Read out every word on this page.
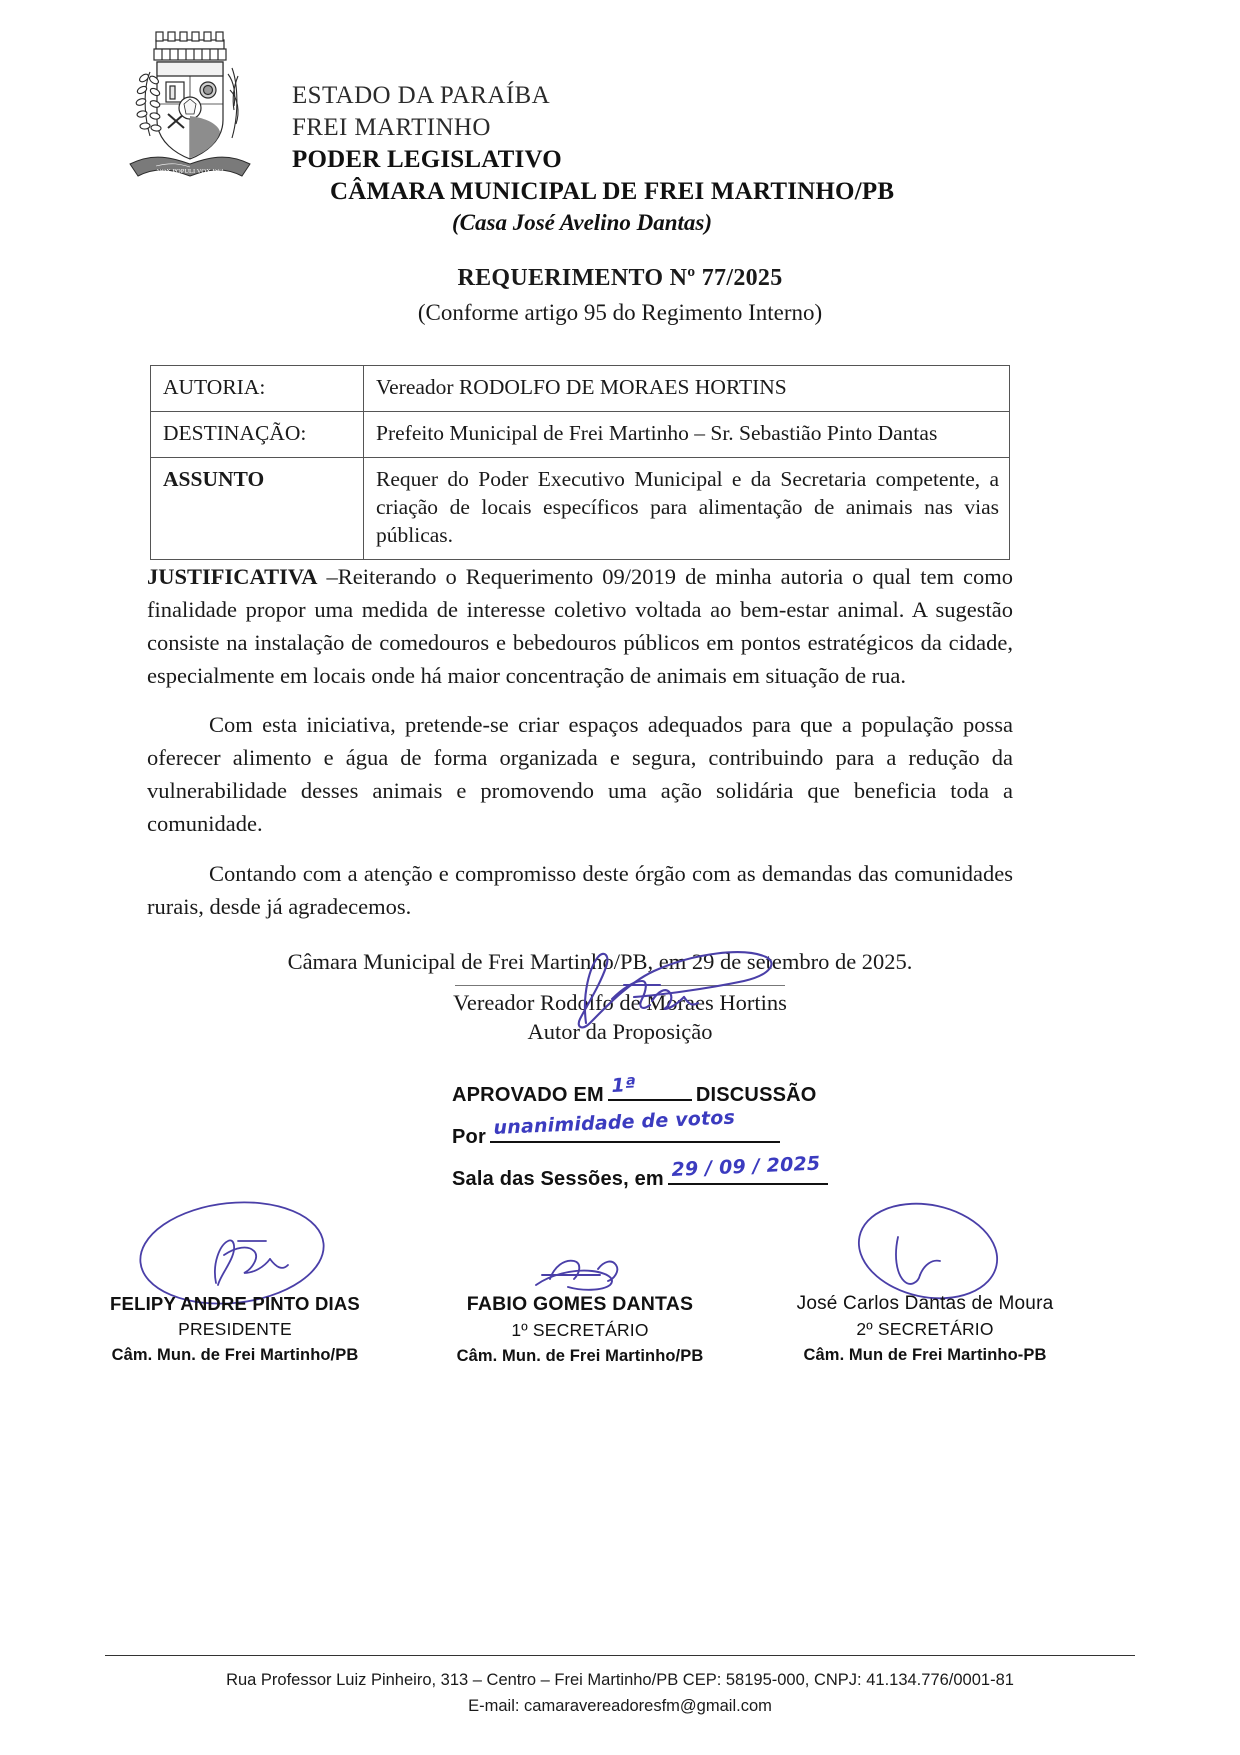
VOX POPULI VOX DEI
ESTADO DA PARAÍBA
FREI MARTINHO
PODER LEGISLATIVO
CÂMARA MUNICIPAL DE FREI MARTINHO/PB
(Casa José Avelino Dantas)
REQUERIMENTO Nº 77/2025
(Conforme artigo 95 do Regimento Interno)
AUTORIA:	Vereador RODOLFO DE MORAES HORTINS
DESTINAÇÃO:	Prefeito Municipal de Frei Martinho – Sr. Sebastião Pinto Dantas
ASSUNTO	Requer do Poder Executivo Municipal e da Secretaria competente, a criação de locais específicos para alimentação de animais nas vias públicas.

JUSTIFICATIVA –Reiterando o Requerimento 09/2019 de minha autoria o qual tem como finalidade propor uma medida de interesse coletivo voltada ao bem-estar animal. A sugestão consiste na instalação de comedouros e bebedouros públicos em pontos estratégicos da cidade, especialmente em locais onde há maior concentração de animais em situação de rua.

Com esta iniciativa, pretende-se criar espaços adequados para que a população possa oferecer alimento e água de forma organizada e segura, contribuindo para a redução da vulnerabilidade desses animais e promovendo uma ação solidária que beneficia toda a comunidade.

Contando com a atenção e compromisso deste órgão com as demandas das comunidades rurais, desde já agradecemos.

Câmara Municipal de Frei Martinho/PB, em 29 de setembro de 2025.
Vereador Rodolfo de Moraes Hortins
Autor da Proposição
APROVADO EM 1ª	DISCUSSÃO
Por unanimidade de votos
Sala das Sessões, em 29 / 09 / 2025
FELIPY ANDRE PINTO DIAS
PRESIDENTE
Câm. Mun. de Frei Martinho/PB
FABIO GOMES DANTAS
1º SECRETÁRIO
Câm. Mun. de Frei Martinho/PB
José Carlos Dantas de Moura
2º SECRETÁRIO
Câm. Mun de Frei Martinho-PB
Rua Professor Luiz Pinheiro, 313 – Centro – Frei Martinho/PB CEP: 58195-000, CNPJ: 41.134.776/0001-81
E-mail: camaravereadoresfm@gmail.com
